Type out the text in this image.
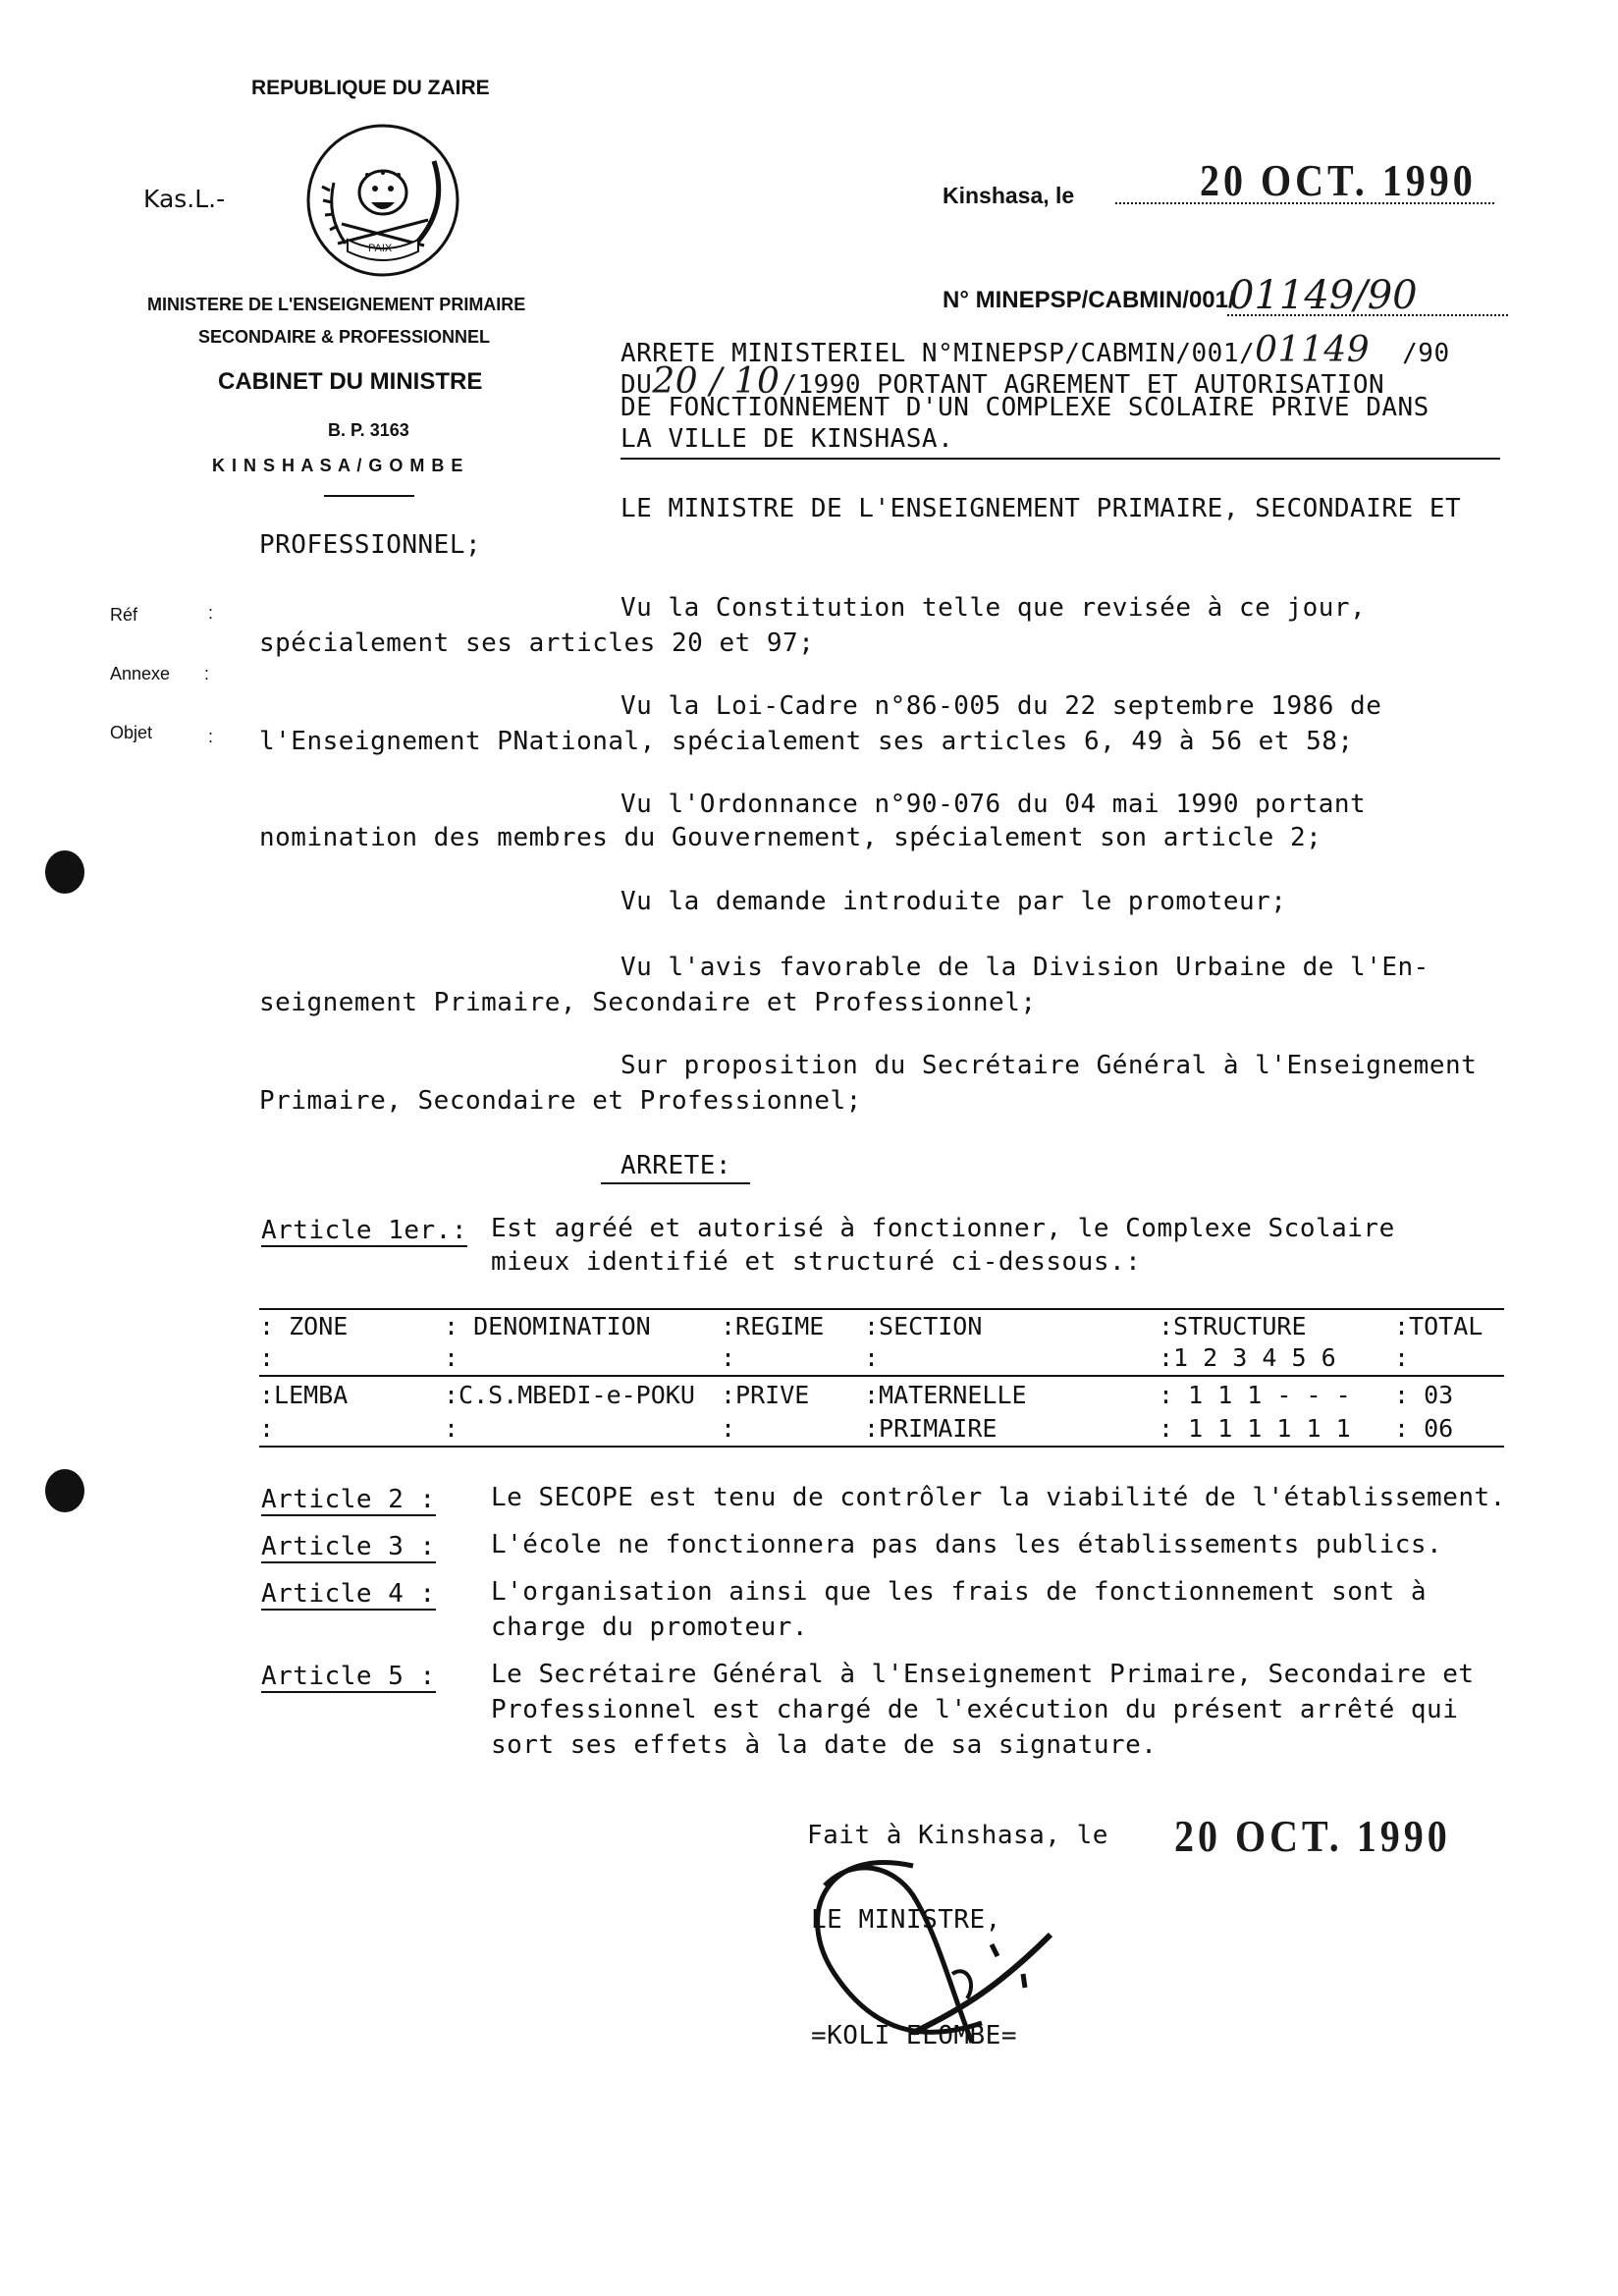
REPUBLIQUE DU ZAIRE
Kas.L.-
PAIX
MINISTERE DE L'ENSEIGNEMENT PRIMAIRE
SECONDAIRE & PROFESSIONNEL
CABINET DU MINISTRE
B. P. 3163
K I N S H A S A / G O M B E
Kinshasa, le	20 OCT. 1990
N° MINEPSP/CABMIN/001/
01149/90
ARRETE MINISTERIEL N°MINEPSP/CABMIN/001/01149 /90
DU20 / 10/1990 PORTANT AGREMENT ET AUTORISATION
DE FONCTIONNEMENT D'UN COMPLEXE SCOLAIRE PRIVE DANS
LA VILLE DE KINSHASA.
LE MINISTRE DE L'ENSEIGNEMENT PRIMAIRE, SECONDAIRE ET
PROFESSIONNEL;
Réf	:
Annexe :
Objet	:
Vu la Constitution telle que revisée à ce jour,
spécialement ses articles 20 et 97;
Vu la Loi-Cadre n°86-005 du 22 septembre 1986 de
l'Enseignement PNational, spécialement ses articles 6, 49 à 56 et 58;
Vu l'Ordonnance n°90-076 du 04 mai 1990 portant
nomination des membres du Gouvernement, spécialement son article 2;
Vu la demande introduite par le promoteur;
Vu l'avis favorable de la Division Urbaine de l'En-
seignement Primaire, Secondaire et Professionnel;
Sur proposition du Secrétaire Général à l'Enseignement
Primaire, Secondaire et Professionnel;
ARRETE:
Article 1er.: Est agréé et autorisé à fonctionner, le Complexe Scolaire
mieux identifié et structuré ci-dessous.:
: ZONE	: DENOMINATION	:REGIME	:SECTION	:STRUCTURE	:TOTAL
:	:	:	:	:1 2 3 4 5 6	:
:LEMBA	:C.S.MBEDI-e-POKU	:PRIVE	:MATERNELLE	: 1 1 1 - - -	: 03
:	:	:	:PRIMAIRE	: 1 1 1 1 1 1	: 06
Article 2 : Le SECOPE est tenu de contrôler la viabilité de l'établissement.
Article 3 : L'école ne fonctionnera pas dans les établissements publics.
Article 4 : L'organisation ainsi que les frais de fonctionnement sont à
charge du promoteur.
Article 5 : Le Secrétaire Général à l'Enseignement Primaire, Secondaire et
Professionnel est chargé de l'exécution du présent arrêté qui
sort ses effets à la date de sa signature.
Fait à Kinshasa, le 20 OCT. 1990
LE MINISTRE,
=KOLI ELOMBE=
